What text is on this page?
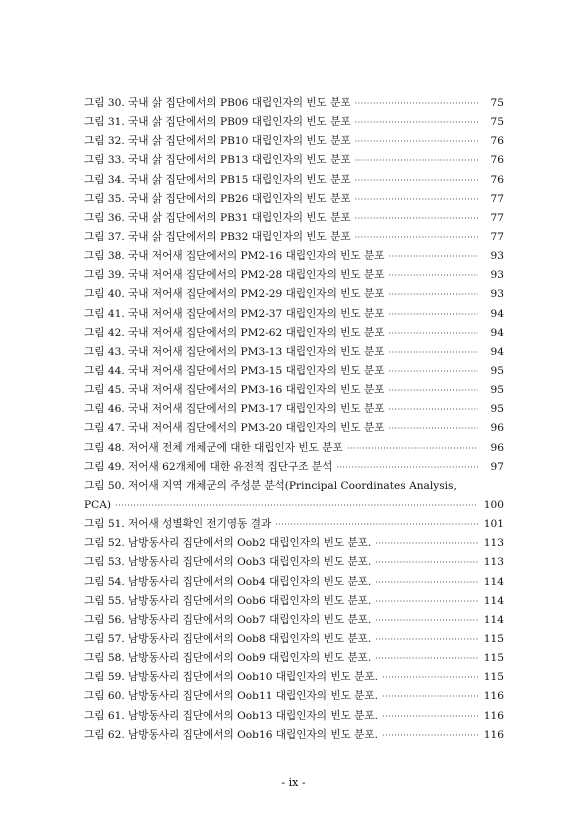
그림 30. 국내 삵 집단에서의 PB06 대립인자의 빈도 분포 ·····	75
그림 31. 국내 삵 집단에서의 PB09 대립인자의 빈도 분포 ·····	75
그림 32. 국내 삵 집단에서의 PB10 대립인자의 빈도 분포 ·····	76
그림 33. 국내 삵 집단에서의 PB13 대립인자의 빈도 분포 ·····	76
그림 34. 국내 삵 집단에서의 PB15 대립인자의 빈도 분포 ·····	76
그림 35. 국내 삵 집단에서의 PB26 대립인자의 빈도 분포 ·····	77
그림 36. 국내 삵 집단에서의 PB31 대립인자의 빈도 분포 ·····	77
그림 37. 국내 삵 집단에서의 PB32 대립인자의 빈도 분포 ·····	77
그림 38. 국내 저어새 집단에서의 PM2-16 대립인자의 빈도 분포 ·····	93
그림 39. 국내 저어새 집단에서의 PM2-28 대립인자의 빈도 분포 ·····	93
그림 40. 국내 저어새 집단에서의 PM2-29 대립인자의 빈도 분포 ·····	93
그림 41. 국내 저어새 집단에서의 PM2-37 대립인자의 빈도 분포 ·····	94
그림 42. 국내 저어새 집단에서의 PM2-62 대립인자의 빈도 분포 ·····	94
그림 43. 국내 저어새 집단에서의 PM3-13 대립인자의 빈도 분포 ·····	94
그림 44. 국내 저어새 집단에서의 PM3-15 대립인자의 빈도 분포 ·····	95
그림 45. 국내 저어새 집단에서의 PM3-16 대립인자의 빈도 분포 ·····	95
그림 46. 국내 저어새 집단에서의 PM3-17 대립인자의 빈도 분포 ·····	95
그림 47. 국내 저어새 집단에서의 PM3-20 대립인자의 빈도 분포 ·····	96
그림 48. 저어새 전체 개체군에 대한 대립인자 빈도 분포 ·····	96
그림 49. 저어새 62개체에 대한 유전적 집단구조 분석 ·····	97
그림 50. 저어새 지역 개체군의 주성분 분석(Principal Coordinates Analysis,
PCA) ·····	100
그림 51. 저어새 성별확인 전기영동 결과 ·····	101
그림 52. 남방동사리 집단에서의 Oob2 대립인자의 빈도 분포. ·····	113
그림 53. 남방동사리 집단에서의 Oob3 대립인자의 빈도 분포. ·····	113
그림 54. 남방동사리 집단에서의 Oob4 대립인자의 빈도 분포. ·····	114
그림 55. 남방동사리 집단에서의 Oob6 대립인자의 빈도 분포. ·····	114
그림 56. 남방동사리 집단에서의 Oob7 대립인자의 빈도 분포. ·····	114
그림 57. 남방동사리 집단에서의 Oob8 대립인자의 빈도 분포. ·····	115
그림 58. 남방동사리 집단에서의 Oob9 대립인자의 빈도 분포. ·····	115
그림 59. 남방동사리 집단에서의 Oob10 대립인자의 빈도 분포. ·····	115
그림 60. 남방동사리 집단에서의 Oob11 대립인자의 빈도 분포. ·····	116
그림 61. 남방동사리 집단에서의 Oob13 대립인자의 빈도 분포. ·····	116
그림 62. 남방동사리 집단에서의 Oob16 대립인자의 빈도 분포. ·····	116
- ix -
